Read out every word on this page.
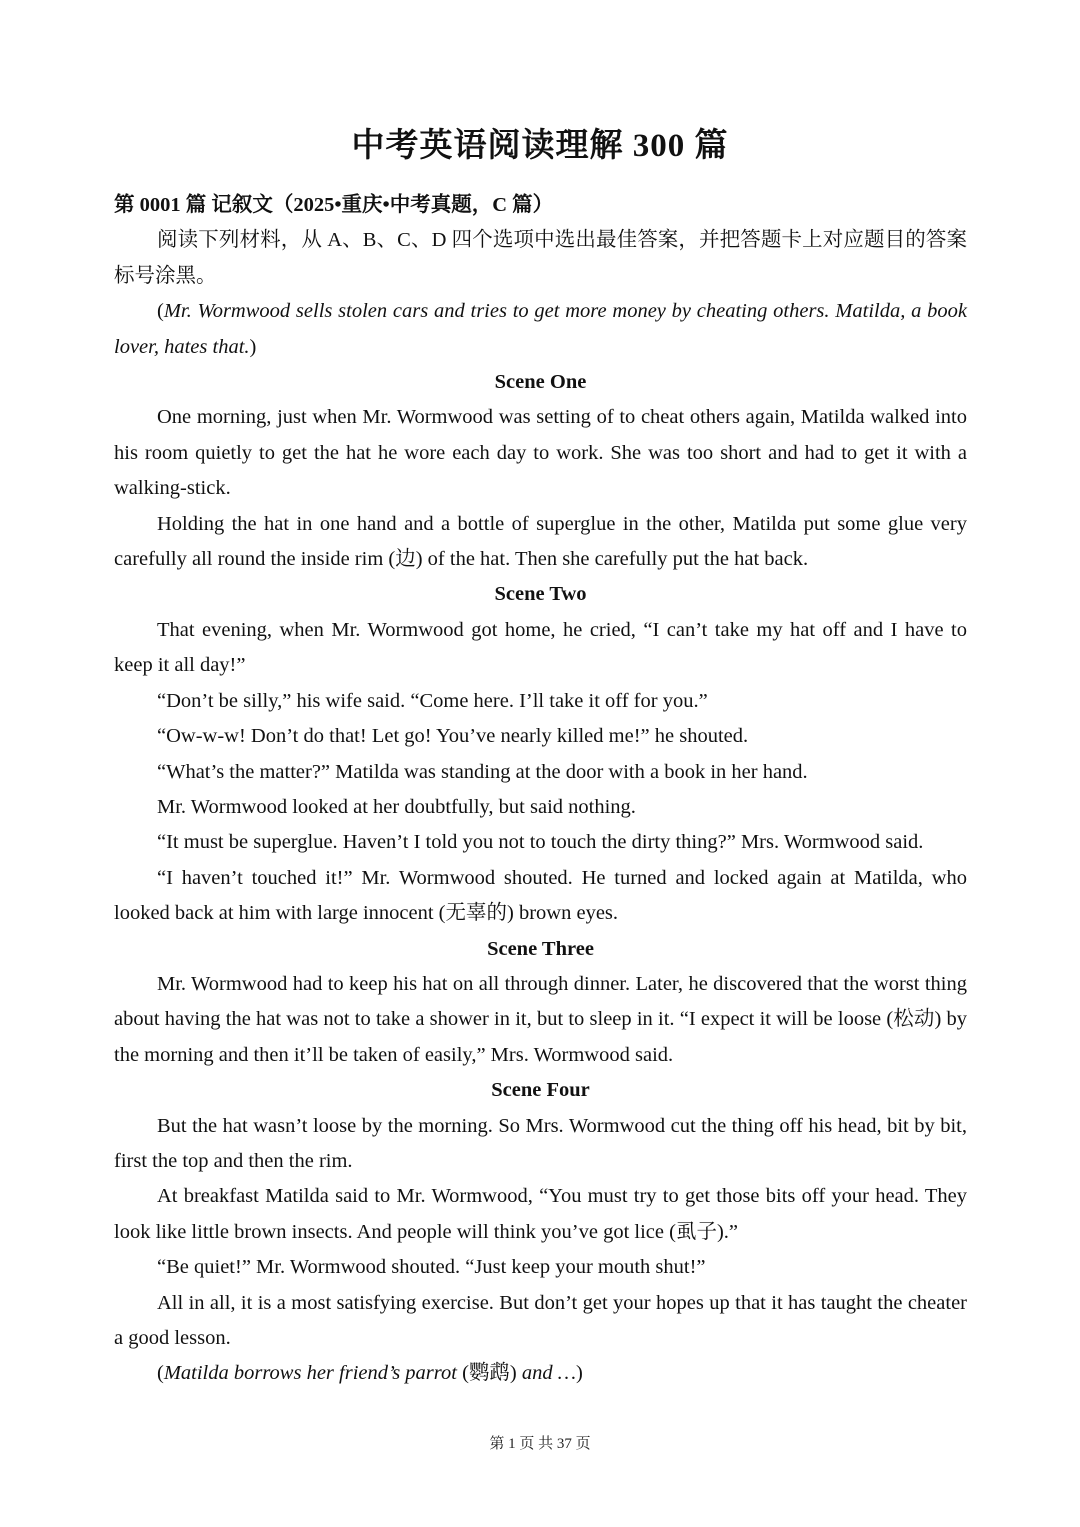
中考英语阅读理解 300 篇

第 0001 篇 记叙文（2025•重庆•中考真题，C 篇）

阅读下列材料，从 A、B、C、D 四个选项中选出最佳答案，并把答题卡上对应题目的答案标号涂黑。

(Mr. Wormwood sells stolen cars and tries to get more money by cheating others. Matilda, a book lover, hates that.)

Scene One

One morning, just when Mr. Wormwood was setting of to cheat others again, Matilda walked into his room quietly to get the hat he wore each day to work. She was too short and had to get it with a walking-stick.

Holding the hat in one hand and a bottle of superglue in the other, Matilda put some glue very carefully all round the inside rim (边) of the hat. Then she carefully put the hat back.

Scene Two

That evening, when Mr. Wormwood got home, he cried, “I can’t take my hat off and I have to keep it all day!”

“Don’t be silly,” his wife said. “Come here. I’ll take it off for you.”

“Ow-w-w! Don’t do that! Let go! You’ve nearly killed me!” he shouted.

“What’s the matter?” Matilda was standing at the door with a book in her hand.

Mr. Wormwood looked at her doubtfully, but said nothing.

“It must be superglue. Haven’t I told you not to touch the dirty thing?” Mrs. Wormwood said.

“I haven’t touched it!” Mr. Wormwood shouted. He turned and locked again at Matilda, who looked back at him with large innocent (无辜的) brown eyes.

Scene Three

Mr. Wormwood had to keep his hat on all through dinner. Later, he discovered that the worst thing about having the hat was not to take a shower in it, but to sleep in it. “I expect it will be loose (松动) by the morning and then it’ll be taken of easily,” Mrs. Wormwood said.

Scene Four

But the hat wasn’t loose by the morning. So Mrs. Wormwood cut the thing off his head, bit by bit, first the top and then the rim.

At breakfast Matilda said to Mr. Wormwood, “You must try to get those bits off your head. They look like little brown insects. And people will think you’ve got lice (虱子).”

“Be quiet!” Mr. Wormwood shouted. “Just keep your mouth shut!”

All in all, it is a most satisfying exercise. But don’t get your hopes up that it has taught the cheater a good lesson.

(Matilda borrows her friend’s parrot (鹦鹉) and …)

第 1 页 共 37 页
